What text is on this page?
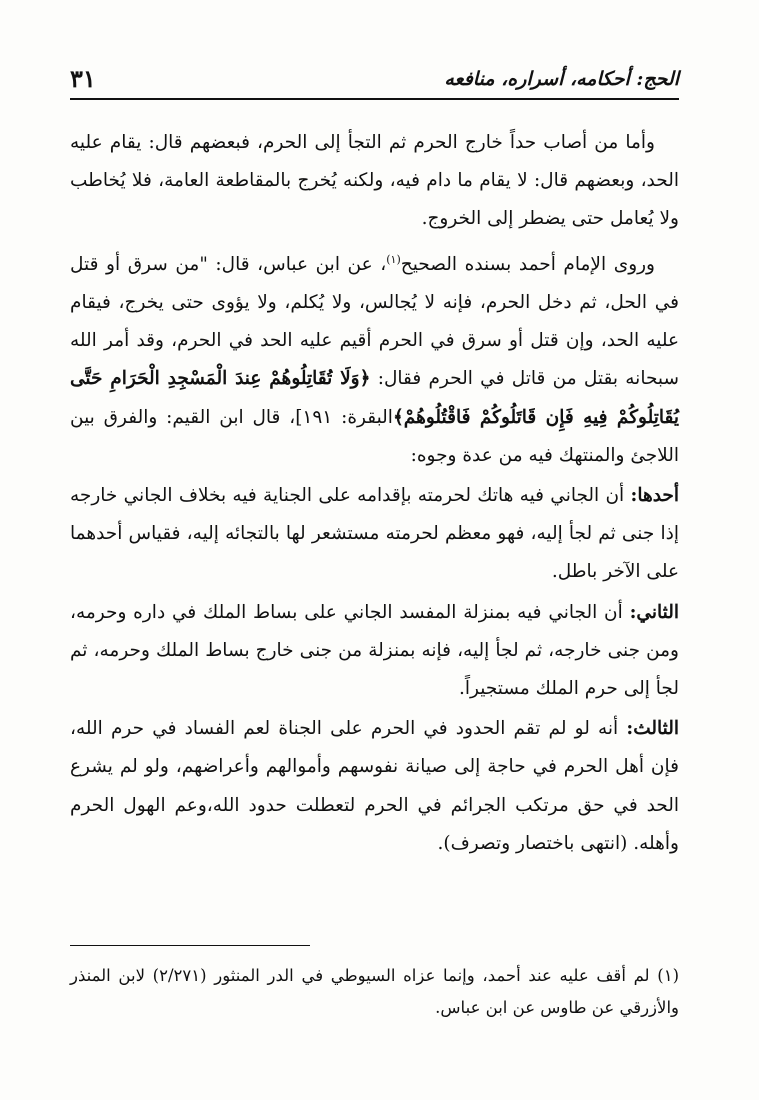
الحج: أحكامه، أسراره، منافعه
٣١

وأما من أصاب حداً خارج الحرم ثم التجأ إلى الحرم، فبعضهم قال: يقام عليه الحد، وبعضهم قال: لا يقام ما دام فيه، ولكنه يُخرج بالمقاطعة العامة، فلا يُخاطب ولا يُعامل حتى يضطر إلى الخروج.

وروى الإمام أحمد بسنده الصحيح$^{(١)}$، عن ابن عباس، قال: "من سرق أو قتل في الحل، ثم دخل الحرم، فإنه لا يُجالس، ولا يُكلم، ولا يؤوى حتى يخرج، فيقام عليه الحد، وإن قتل أو سرق في الحرم أقيم عليه الحد في الحرم، وقد أمر الله سبحانه بقتل من قاتل في الحرم فقال: ﴿وَلَا تُقَاتِلُوهُمْ عِندَ الْمَسْجِدِ الْحَرَامِ حَتَّى يُقَاتِلُوكُمْ فِيهِ فَإِن قَاتَلُوكُمْ فَاقْتُلُوهُمْ﴾البقرة: ١٩١]، قال ابن القيم: والفرق بين اللاجئ والمنتهك فيه من عدة وجوه:

أحدها: أن الجاني فيه هاتك لحرمته بإقدامه على الجناية فيه بخلاف الجاني خارجه إذا جنى ثم لجأ إليه، فهو معظم لحرمته مستشعر لها بالتجائه إليه، فقياس أحدهما على الآخر باطل.

الثاني: أن الجاني فيه بمنزلة المفسد الجاني على بساط الملك في داره وحرمه، ومن جنى خارجه، ثم لجأ إليه، فإنه بمنزلة من جنى خارج بساط الملك وحرمه، ثم لجأ إلى حرم الملك مستجيراً.

الثالث: أنه لو لم تقم الحدود في الحرم على الجناة لعم الفساد في حرم الله، فإن أهل الحرم في حاجة إلى صيانة نفوسهم وأموالهم وأعراضهم، ولو لم يشرع الحد في حق مرتكب الجرائم في الحرم لتعطلت حدود الله،وعم الهول الحرم وأهله. (انتهى باختصار وتصرف).

(١) لم أقف عليه عند أحمد، وإنما عزاه السيوطي في الدر المنثور (٢/٢٧١) لابن المنذر والأزرقي عن طاوس عن ابن عباس.
